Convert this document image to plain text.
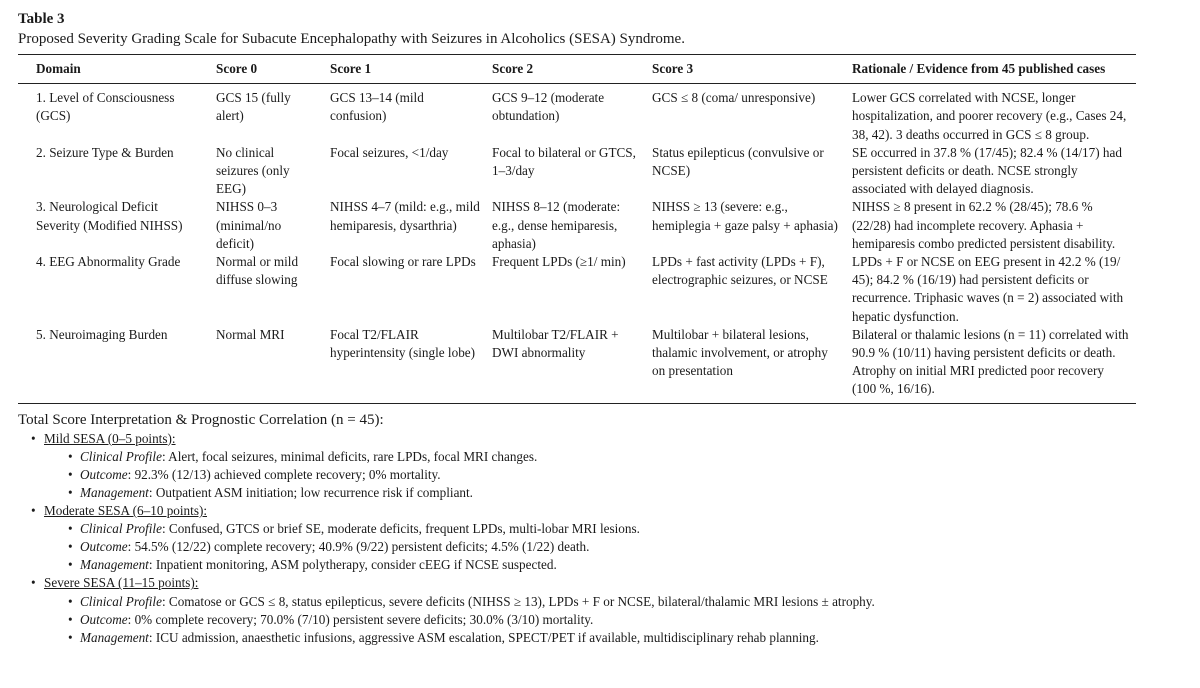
Table 3
Proposed Severity Grading Scale for Subacute Encephalopathy with Seizures in Alcoholics (SESA) Syndrome.
Domain	Score 0	Score 1	Score 2	Score 3	Rationale / Evidence from 45 published cases
1. Level of Consciousness (GCS)	GCS 15 (fully alert)	GCS 13–14 (mild confusion)	GCS 9–12 (moderate obtundation)	GCS ≤ 8 (coma/ unresponsive)	Lower GCS correlated with NCSE, longer hospitalization, and poorer recovery (e.g., Cases 24, 38, 42). 3 deaths occurred in GCS ≤ 8 group.
2. Seizure Type & Burden	No clinical seizures (only EEG)	Focal seizures, <1/day	Focal to bilateral or GTCS, 1–3/day	Status epilepticus (convulsive or NCSE)	SE occurred in 37.8 % (17/45); 82.4 % (14/17) had persistent deficits or death. NCSE strongly associated with delayed diagnosis.
3. Neurological Deficit Severity (Modified NIHSS)	NIHSS 0–3 (minimal/no deficit)	NIHSS 4–7 (mild: e.g., mild hemiparesis, dysarthria)	NIHSS 8–12 (moderate: e.g., dense hemiparesis, aphasia)	NIHSS ≥ 13 (severe: e.g., hemiplegia + gaze palsy + aphasia)	NIHSS ≥ 8 present in 62.2 % (28/45); 78.6 % (22/28) had incomplete recovery. Aphasia + hemiparesis combo predicted persistent disability.
4. EEG Abnormality Grade	Normal or mild diffuse slowing	Focal slowing or rare LPDs	Frequent LPDs (≥1/ min)	LPDs + fast activity (LPDs + F), electrographic seizures, or NCSE	LPDs + F or NCSE on EEG present in 42.2 % (19/ 45); 84.2 % (16/19) had persistent deficits or recurrence. Triphasic waves (n = 2) associated with hepatic dysfunction.
5. Neuroimaging Burden	Normal MRI	Focal T2/FLAIR hyperintensity (single lobe)	Multilobar T2/FLAIR + DWI abnormality	Multilobar + bilateral lesions, thalamic involvement, or atrophy on presentation	Bilateral or thalamic lesions (n = 11) correlated with 90.9 % (10/11) having persistent deficits or death. Atrophy on initial MRI predicted poor recovery (100 %, 16/16).
Total Score Interpretation & Prognostic Correlation (n = 45):
• Mild SESA (0–5 points):
• Clinical Profile: Alert, focal seizures, minimal deficits, rare LPDs, focal MRI changes.
• Outcome: 92.3% (12/13) achieved complete recovery; 0% mortality.
• Management: Outpatient ASM initiation; low recurrence risk if compliant.
• Moderate SESA (6–10 points):
• Clinical Profile: Confused, GTCS or brief SE, moderate deficits, frequent LPDs, multi-lobar MRI lesions.
• Outcome: 54.5% (12/22) complete recovery; 40.9% (9/22) persistent deficits; 4.5% (1/22) death.
• Management: Inpatient monitoring, ASM polytherapy, consider cEEG if NCSE suspected.
• Severe SESA (11–15 points):
• Clinical Profile: Comatose or GCS ≤ 8, status epilepticus, severe deficits (NIHSS ≥ 13), LPDs + F or NCSE, bilateral/thalamic MRI lesions ± atrophy.
• Outcome: 0% complete recovery; 70.0% (7/10) persistent severe deficits; 30.0% (3/10) mortality.
• Management: ICU admission, anaesthetic infusions, aggressive ASM escalation, SPECT/PET if available, multidisciplinary rehab planning.
